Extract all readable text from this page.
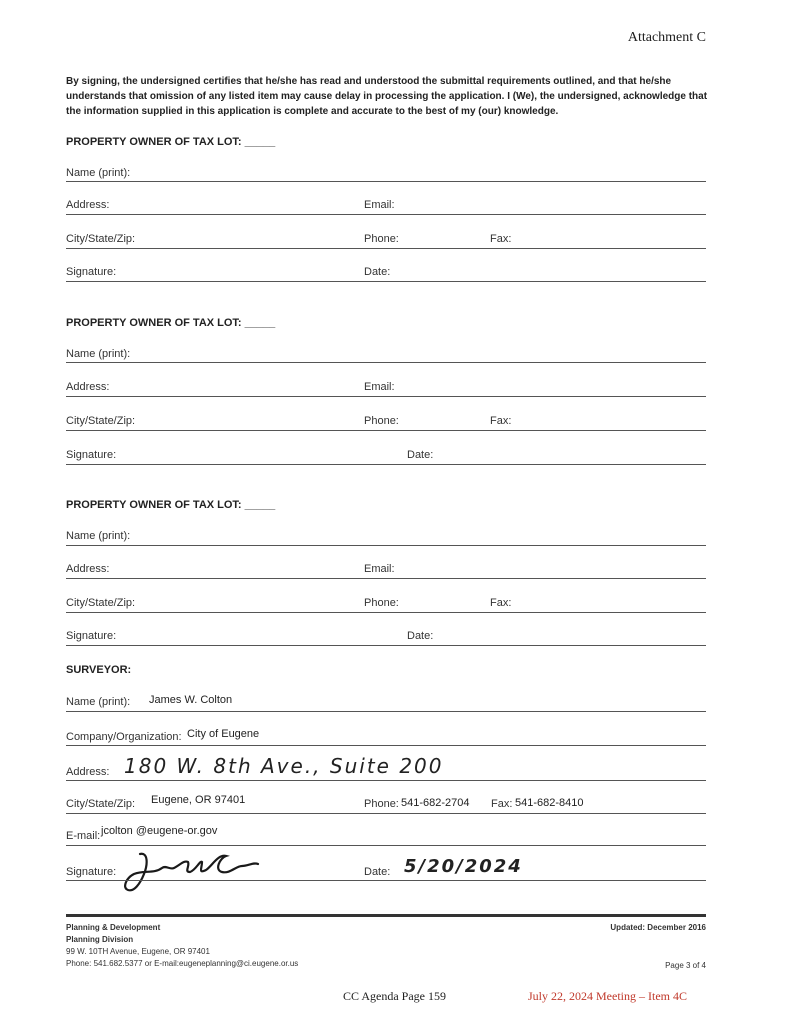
Attachment C
By signing, the undersigned certifies that he/she has read and understood the submittal requirements outlined, and that he/she understands that omission of any listed item may cause delay in processing the application. I (We), the undersigned, acknowledge that the information supplied in this application is complete and accurate to the best of my (our) knowledge.
PROPERTY OWNER OF TAX LOT: _____
Name (print):
Address:	Email:
City/State/Zip:	Phone:	Fax:
Signature:	Date:
PROPERTY OWNER OF TAX LOT: _____
Name (print):
Address:	Email:
City/State/Zip:	Phone:	Fax:
Signature:	Date:
PROPERTY OWNER OF TAX LOT: _____
Name (print):
Address:	Email:
City/State/Zip:	Phone:	Fax:
Signature:	Date:
SURVEYOR:
Name (print): James W. Colton
Company/Organization: City of Eugene
Address: 180 W. 8th Ave., Suite 200
City/State/Zip: Eugene, OR 97401	Phone: 541-682-2704 Fax: 541-682-8410
E-mail: jcolton @eugene-or.gov
Signature:	Date: 5/20/2024
Planning & Development
Planning Division
99 W. 10TH Avenue, Eugene, OR 97401
Phone: 541.682.5377 or E-mail:eugeneplanning@ci.eugene.or.us
Updated: December 2016
Page 3 of 4
CC Agenda Page 159	July 22, 2024 Meeting – Item 4C
